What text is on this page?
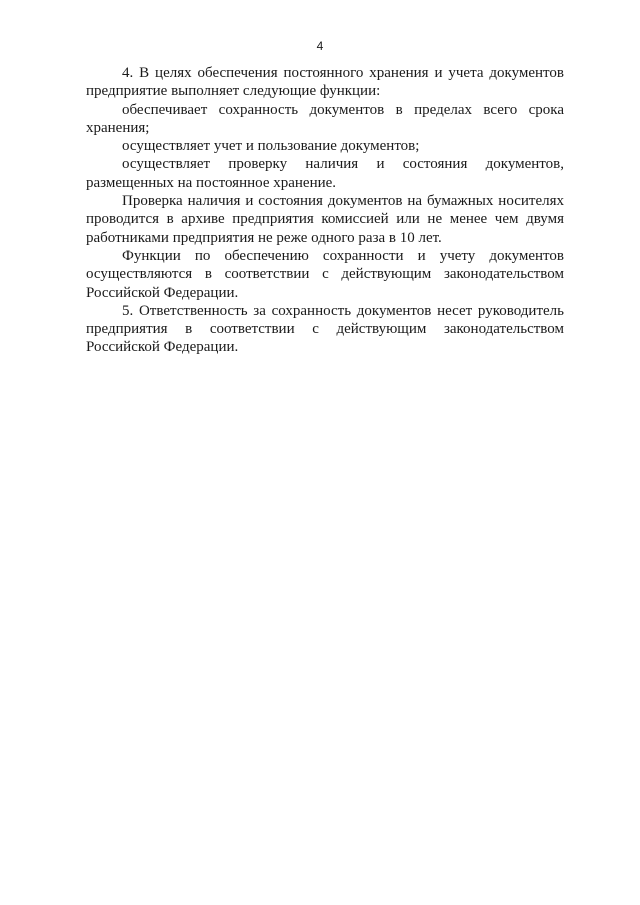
4

4. В целях обеспечения постоянного хранения и учета документов предприятие выполняет следующие функции:

обеспечивает сохранность документов в пределах всего срока хранения;

осуществляет учет и пользование документов;

осуществляет проверку наличия и состояния документов, размещенных на постоянное хранение.

Проверка наличия и состояния документов на бумажных носителях проводится в архиве предприятия комиссией или не менее чем двумя работниками предприятия не реже одного раза в 10 лет.

Функции по обеспечению сохранности и учету документов осуществляются в соответствии с действующим законодательством Российской Федерации.

5. Ответственность за сохранность документов несет руководитель предприятия в соответствии с действующим законодательством Российской Федерации.
